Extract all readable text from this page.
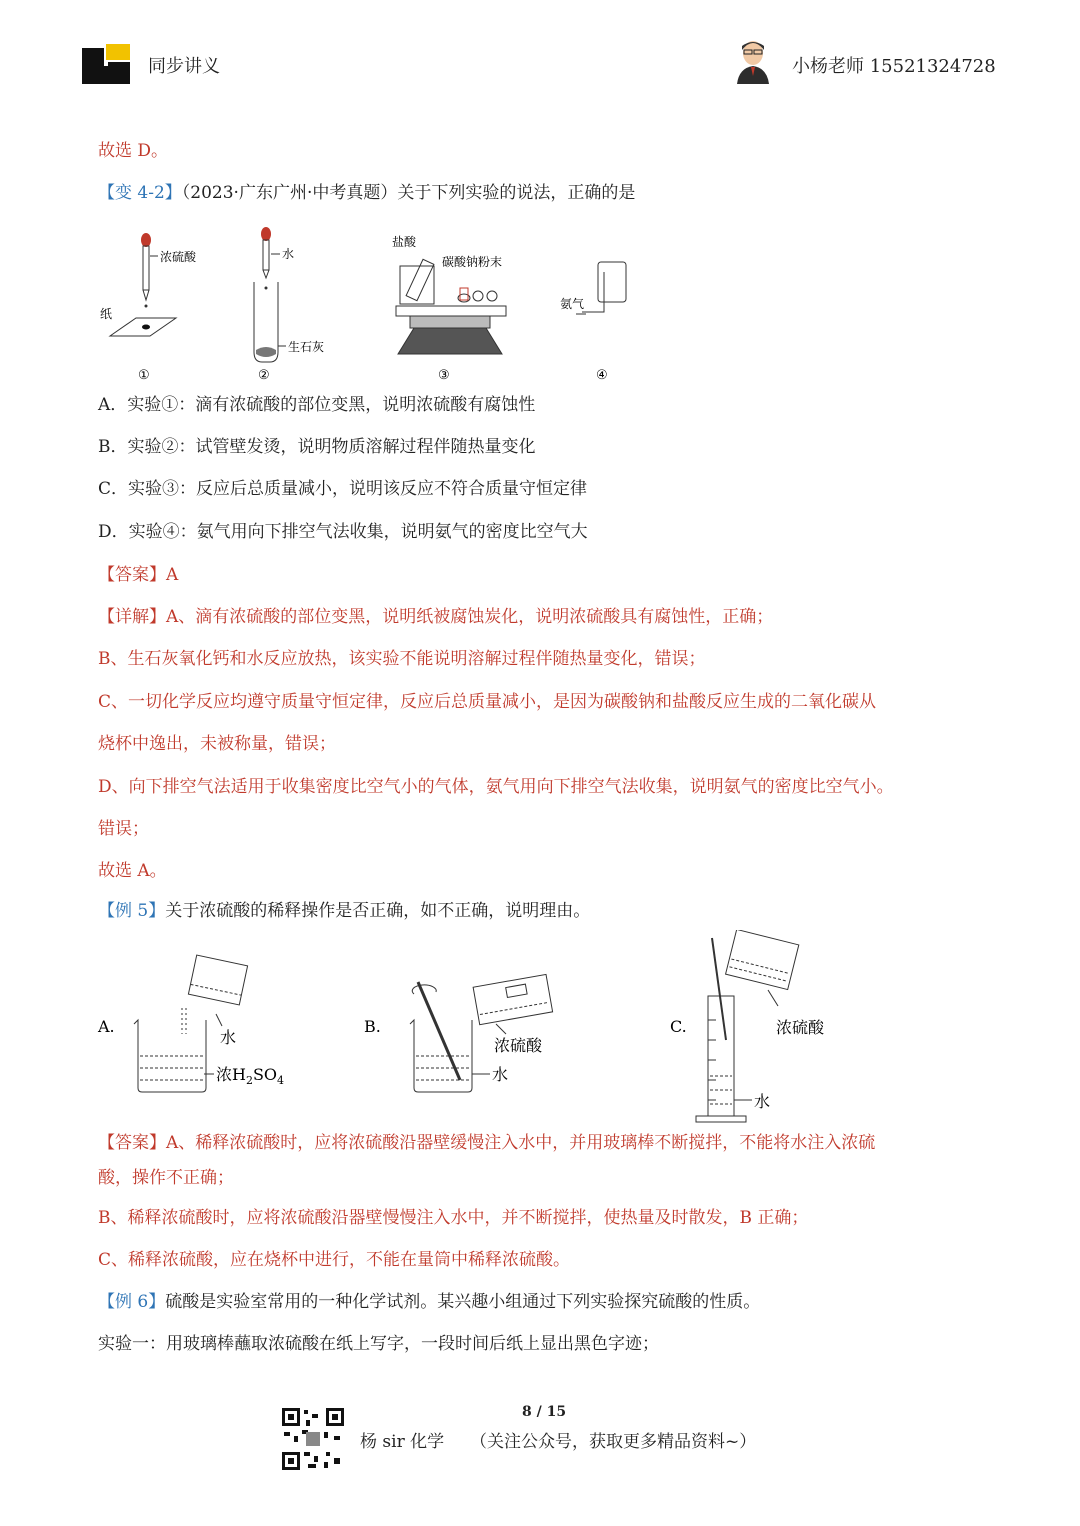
同步讲义	小杨老师 15521324728
故选 D。
【变 4-2】（2023·广东广州·中考真题）关于下列实验的说法，正确的是
浓硫酸
纸
①
水
生石灰
②
盐酸
碳酸钠粉末
③
氨气
④
A．实验①：滴有浓硫酸的部位变黑，说明浓硫酸有腐蚀性
B．实验②：试管壁发烫，说明物质溶解过程伴随热量变化
C．实验③：反应后总质量减小，说明该反应不符合质量守恒定律
D．实验④：氨气用向下排空气法收集，说明氨气的密度比空气大
【答案】A
【详解】A、滴有浓硫酸的部位变黑，说明纸被腐蚀炭化，说明浓硫酸具有腐蚀性，正确；
B、生石灰氧化钙和水反应放热，该实验不能说明溶解过程伴随热量变化，错误；
C、一切化学反应均遵守质量守恒定律，反应后总质量减小，是因为碳酸钠和盐酸反应生成的二氧化碳从
烧杯中逸出，未被称量，错误；
D、向下排空气法适用于收集密度比空气小的气体，氨气用向下排空气法收集，说明氨气的密度比空气小。
错误；
故选 A。
【例 5】关于浓硫酸的稀释操作是否正确，如不正确，说明理由。
A.
水
浓$H_2SO_4$
B.
浓硫酸
水
C.	浓硫酸
水
【答案】A、稀释浓硫酸时，应将浓硫酸沿器壁缓慢注入水中，并用玻璃棒不断搅拌，不能将水注入浓硫
酸，操作不正确；
B、稀释浓硫酸时，应将浓硫酸沿器壁慢慢注入水中，并不断搅拌，使热量及时散发，B 正确；
C、稀释浓硫酸，应在烧杯中进行，不能在量筒中稀释浓硫酸。
【例 6】硫酸是实验室常用的一种化学试剂。某兴趣小组通过下列实验探究硫酸的性质。
实验一：用玻璃棒蘸取浓硫酸在纸上写字，一段时间后纸上显出黑色字迹；
8 / 15
杨 sir 化学 （关注公众号，获取更多精品资料~）
